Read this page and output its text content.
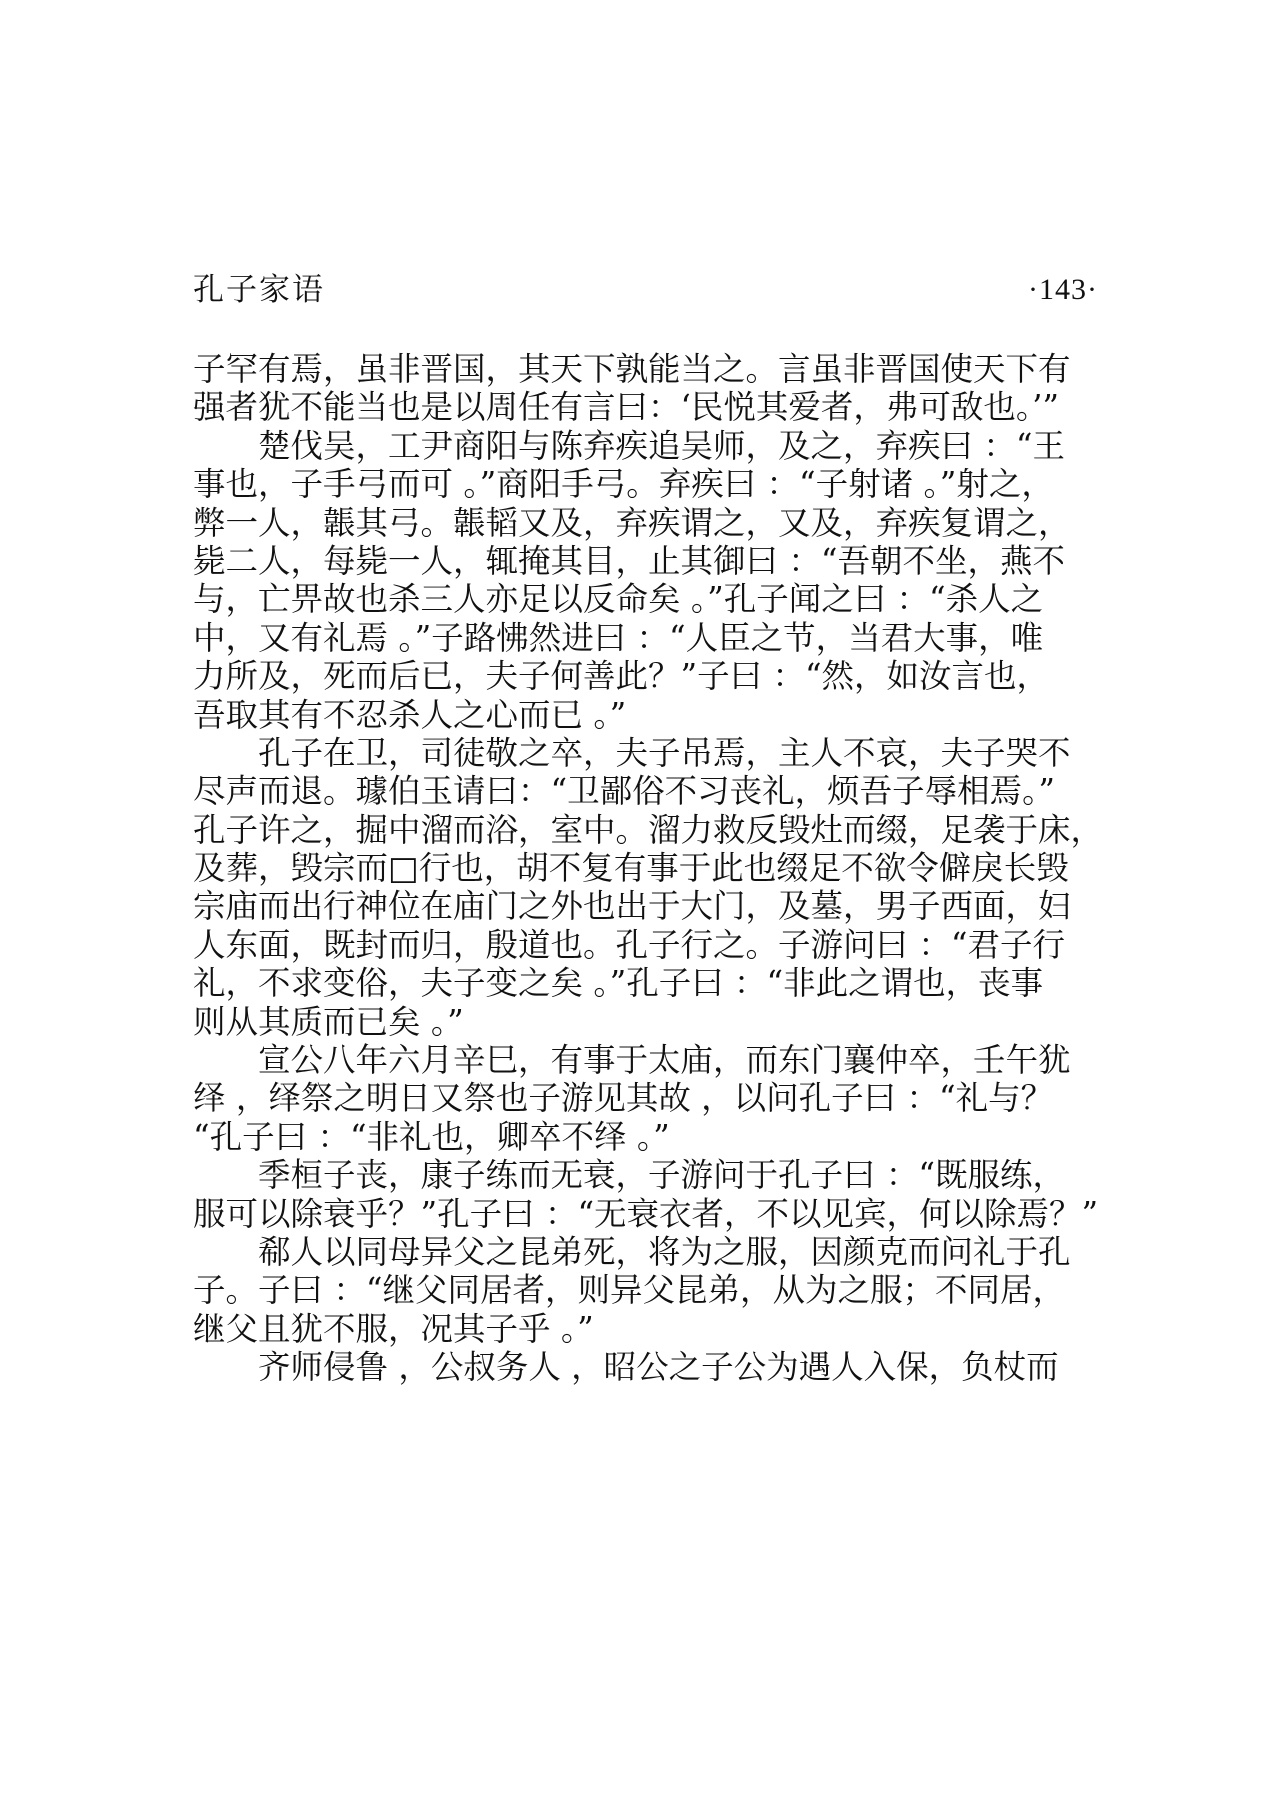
孔子家语	·143·
子罕有焉，虽非晋国，其天下孰能当之。言虽非晋国使天下有
强者犹不能当也是以周任有言曰：‘民悦其爱者，弗可敌也。’”
楚伐吴，工尹商阳与陈弃疾追吴师，及之，弃疾曰 ：“王
事也，子手弓而可 。”商阳手弓。弃疾曰 ：“子射诸 。”射之，
弊一人，韔其弓。韔韬又及，弃疾谓之，又及，弃疾复谓之，
毙二人，每毙一人，辄掩其目，止其御曰 ：“吾朝不坐，燕不
与，亡畀故也杀三人亦足以反命矣 。”孔子闻之曰 ：“杀人之
中，又有礼焉 。”子路怫然进曰 ：“人臣之节，当君大事，唯
力所及，死而后已，夫子何善此？”子曰 ：“然，如汝言也，
吾取其有不忍杀人之心而已 。”
孔子在卫，司徒敬之卒，夫子吊焉，主人不哀，夫子哭不
尽声而退。璩伯玉请曰：“卫鄙俗不习丧礼，烦吾子辱相焉。”
孔子许之，掘中溜而浴，室中。溜力救反毁灶而缀，足袭于床，
及葬，毁宗而□行也，胡不复有事于此也缀足不欲令僻戾长毁
宗庙而出行神位在庙门之外也出于大门，及墓，男子西面，妇
人东面，既封而归，殷道也。孔子行之。子游问曰 ：“君子行
礼，不求变俗，夫子变之矣 。”孔子曰 ：“非此之谓也，丧事
则从其质而已矣 。”
宣公八年六月辛巳，有事于太庙，而东门襄仲卒，壬午犹
绎 ，绎祭之明日又祭也子游见其故 ，以问孔子曰 ：“礼与？
“孔子曰 ：“非礼也，卿卒不绎 。”
季桓子丧，康子练而无衰，子游问于孔子曰 ：“既服练，
服可以除衰乎？”孔子曰 ：“无衰衣者，不以见宾，何以除焉？”
郗人以同母异父之昆弟死，将为之服，因颜克而问礼于孔
子。子曰 ：“继父同居者，则异父昆弟，从为之服；不同居，
继父且犹不服，况其子乎 。”
齐师侵鲁 ，公叔务人 ，昭公之子公为遇人入保，负杖而
